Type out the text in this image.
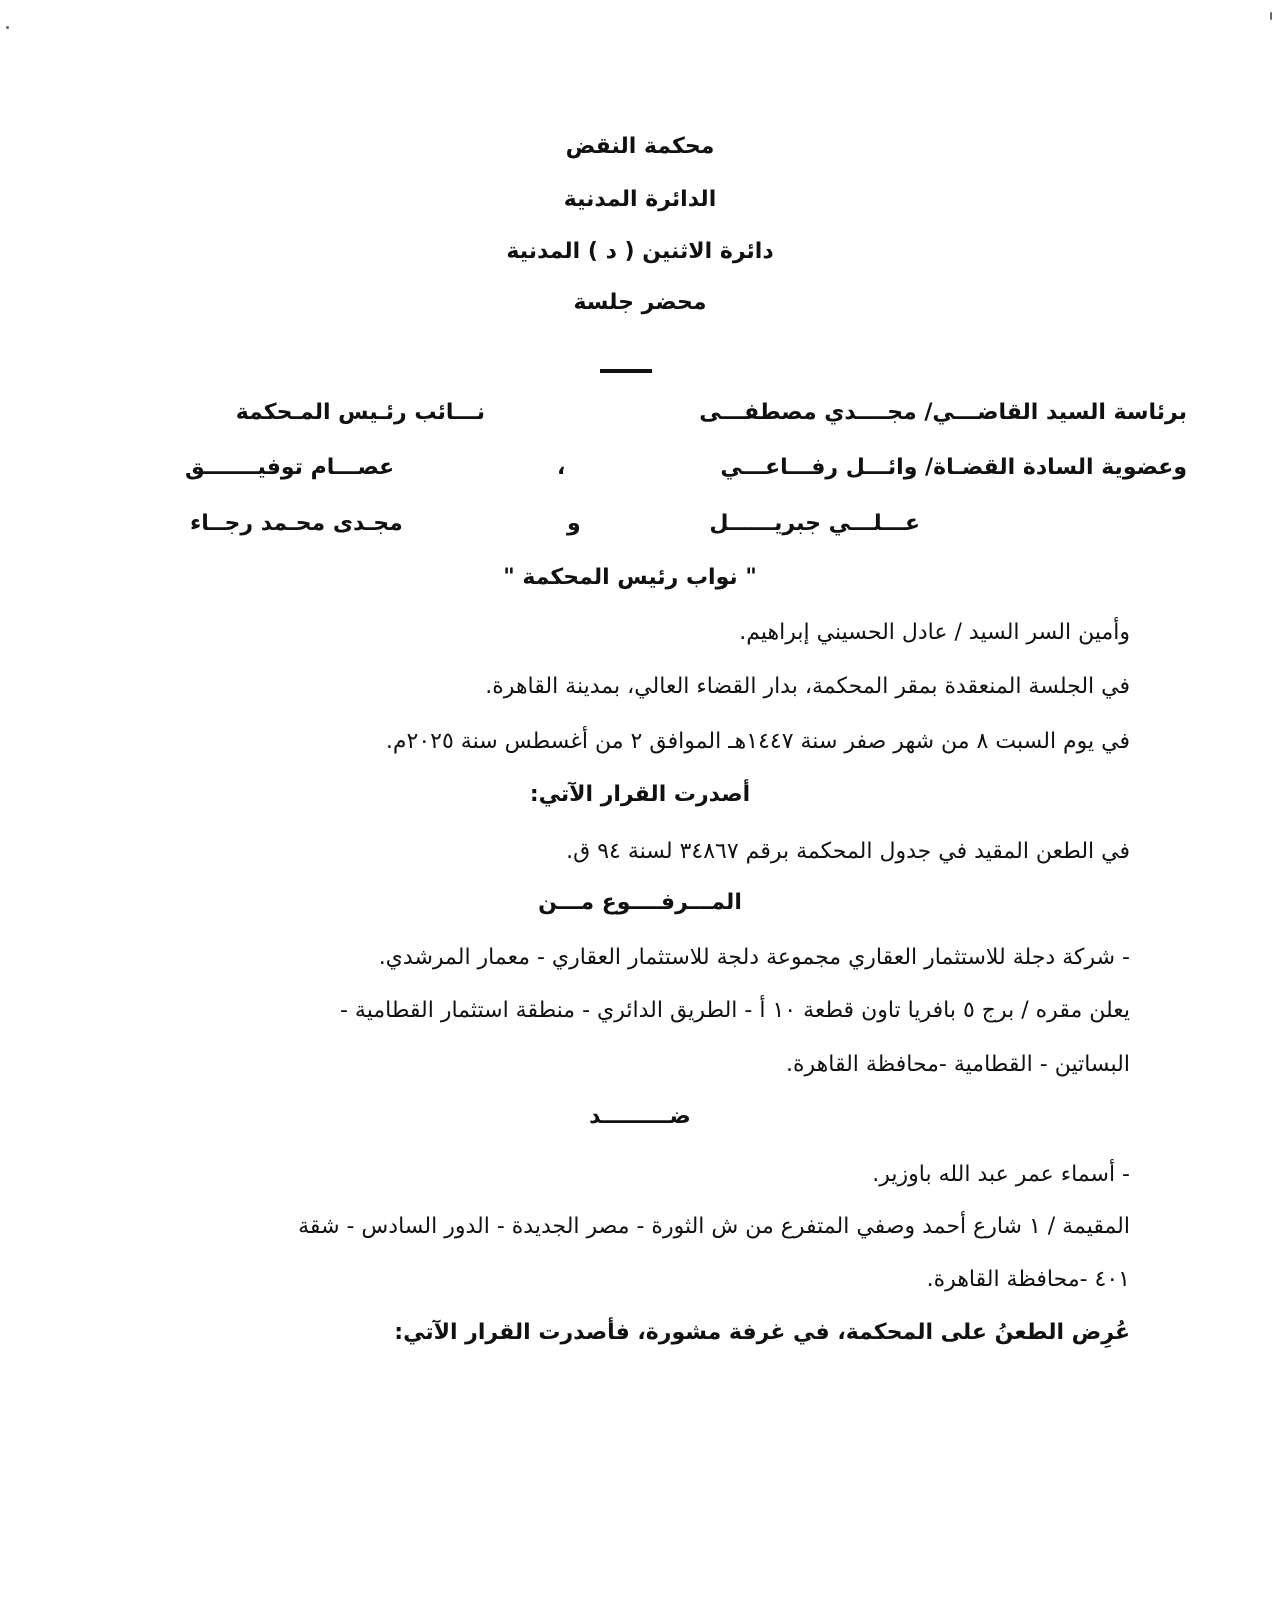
محكمة النقض
الدائرة المدنية
دائرة الاثنين ( د ) المدنية
محضر جلسة
برئاسة السيد القاضـــي/ مجــــدي مصطفـــى
نـــائب رئـيس المـحكمة
وعضوية السادة القضـاة/ وائـــل رفـــاعـــي
،
عصـــام توفيـــــــق
عـــلـــي جبريــــــل
و
مجـدى محـمد رجــاء
" نواب رئيس المحكمة "
وأمين السر السيد / عادل الحسيني إبراهيم.
في الجلسة المنعقدة بمقر المحكمة، بدار القضاء العالي، بمدينة القاهرة.
في يوم السبت ٨ من شهر صفر سنة ١٤٤٧هـ الموافق ٢ من أغسطس سنة ٢٠٢٥م.
أصدرت القرار الآتي:
في الطعن المقيد في جدول المحكمة برقم ٣٤٨٦٧ لسنة ٩٤ ق.
المـــرفــــوع مـــن
- شركة دجلة للاستثمار العقاري مجموعة دلجة للاستثمار العقاري - معمار المرشدي.
يعلن مقره / برج ٥ بافريا تاون قطعة ١٠ أ - الطريق الدائري - منطقة استثمار القطامية -
البساتين - القطامية -محافظة القاهرة.
ضـــــــــد
- أسماء عمر عبد الله باوزير.
المقيمة / ١ شارع أحمد وصفي المتفرع من ش الثورة - مصر الجديدة - الدور السادس - شقة
٤٠١ -محافظة القاهرة.
عُرِض الطعنُ على المحكمة، في غرفة مشورة، فأصدرت القرار الآتي:
